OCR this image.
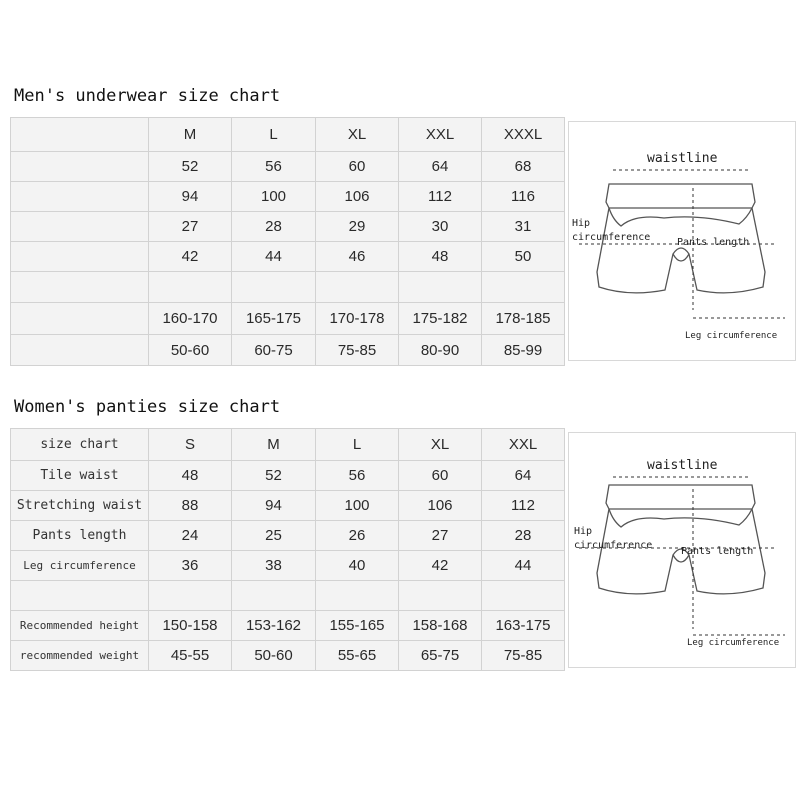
Men's underwear size chart
	M	L	XL	XXL	XXXL
	52	56	60	64	68
	94	100	106	112	116
	27	28	29	30	31
	42	44	46	48	50

	160-170	165-175	170-178	175-182	178-185
	50-60	60-75	75-85	80-90	85-99
waistline
Hip
circumference	Pants length
Leg circumference
Women's panties size chart
size chart	S	M	L	XL	XXL
Tile waist	48	52	56	60	64
Stretching waist	88	94	100	106	112
Pants length	24	25	26	27	28
Leg circumference	36	38	40	42	44

Recommended height	150-158	153-162	155-165	158-168	163-175
recommended weight	45-55	50-60	55-65	65-75	75-85
waistline
Hip
circumference
Pants length
Leg circumference
